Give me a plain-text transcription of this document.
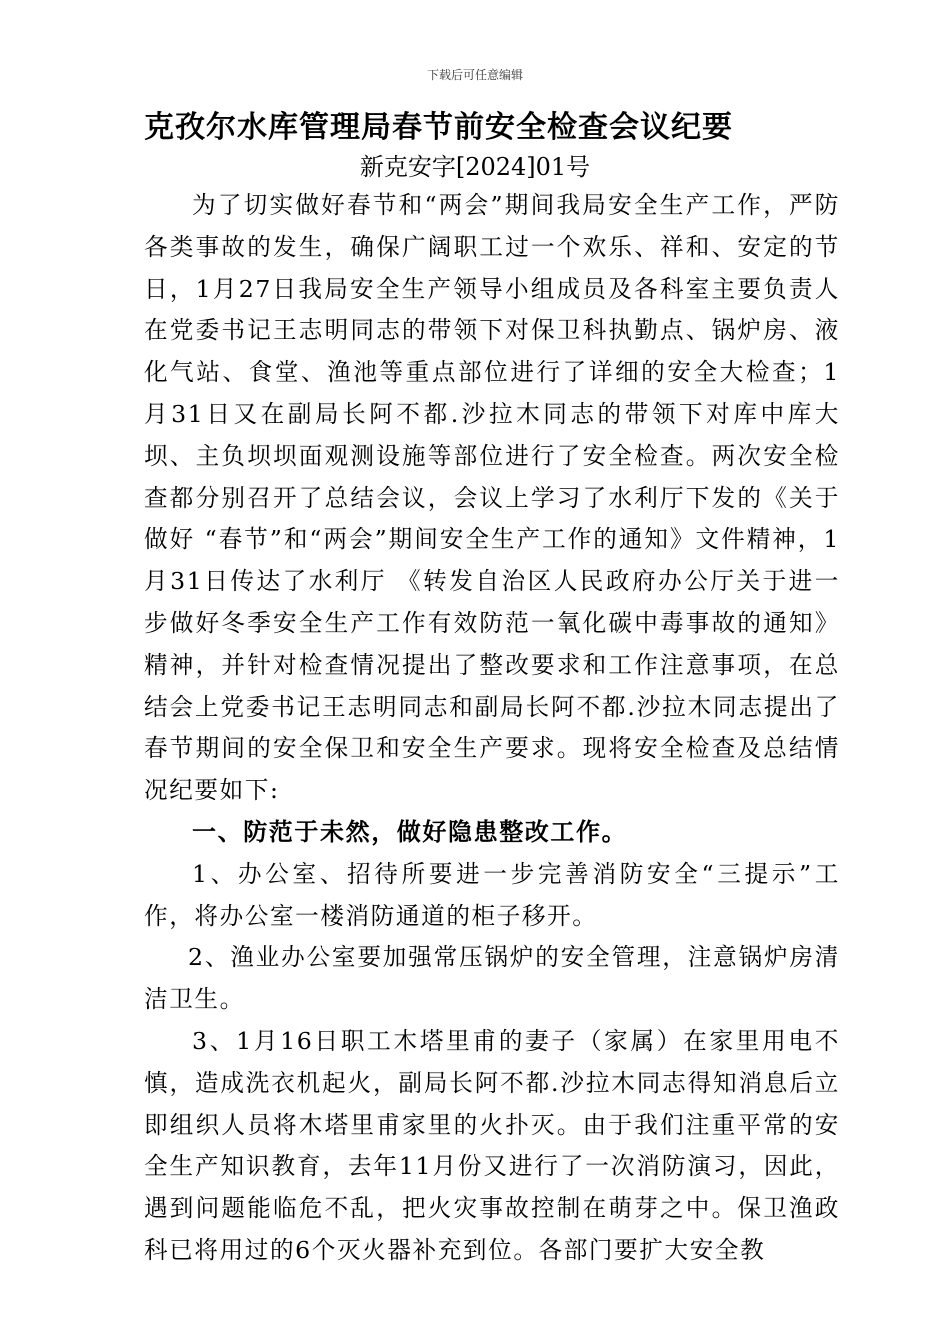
下载后可任意编辑
克孜尔水库管理局春节前安全检查会议纪要
新克安字[2024]01号
为了切实做好春节和“两会”期间我局安全生产工作，严防各类事故的发生，确保广阔职工过一个欢乐、祥和、安定的节日，1月27日我局安全生产领导小组成员及各科室主要负责人在党委书记王志明同志的带领下对保卫科执勤点、锅炉房、液化气站、食堂、渔池等重点部位进行了详细的安全大检查；1月31日又在副局长阿不都.沙拉木同志的带领下对库中库大坝、主负坝坝面观测设施等部位进行了安全检查。两次安全检查都分别召开了总结会议，会议上学习了水利厅下发的《关于做好 “春节”和“两会”期间安全生产工作的通知》文件精神，1月31日传达了水利厅 《转发自治区人民政府办公厅关于进一步做好冬季安全生产工作有效防范一氧化碳中毒事故的通知》精神，并针对检查情况提出了整改要求和工作注意事项，在总结会上党委书记王志明同志和副局长阿不都.沙拉木同志提出了春节期间的安全保卫和安全生产要求。现将安全检查及总结情况纪要如下:
一、防范于未然，做好隐患整改工作。
1、办公室、招待所要进一步完善消防安全“三提示”工作，将办公室一楼消防通道的柜子移开。
2、渔业办公室要加强常压锅炉的安全管理，注意锅炉房清洁卫生。
3、1月16日职工木塔里甫的妻子（家属）在家里用电不慎，造成洗衣机起火，副局长阿不都.沙拉木同志得知消息后立即组织人员将木塔里甫家里的火扑灭。由于我们注重平常的安全生产知识教育，去年11月份又进行了一次消防演习，因此，遇到问题能临危不乱，把火灾事故控制在萌芽之中。保卫渔政科已将用过的6个灭火器补充到位。各部门要扩大安全教
